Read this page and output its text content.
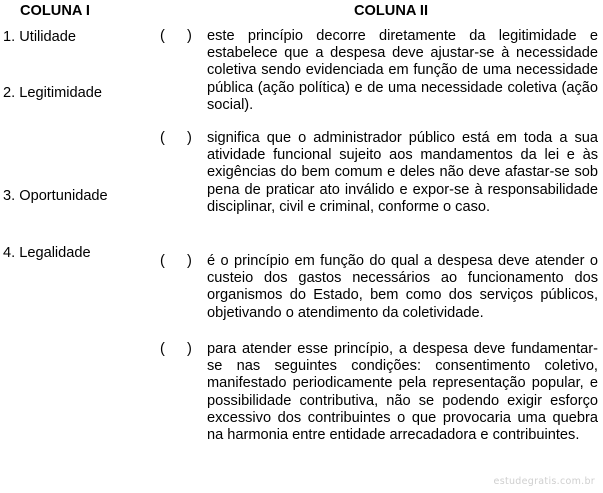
COLUNA I	COLUNA II
1. Utilidade
2. Legitimidade
3. Oportunidade
4. Legalidade
( ) este princípio decorre diretamente da legitimidade e estabelece que a despesa deve ajustar-se à necessidade coletiva sendo evidenciada em função de uma necessidade pública (ação política) e de uma necessidade coletiva (ação social).

( ) significa que o administrador público está em toda a sua atividade funcional sujeito aos mandamentos da lei e às exigências do bem comum e deles não deve afastar-se sob pena de praticar ato inválido e expor-se à responsabilidade disciplinar, civil e criminal, conforme o caso.

( ) é o princípio em função do qual a despesa deve atender o custeio dos gastos necessários ao funcionamento dos organismos do Estado, bem como dos serviços públicos, objetivando o atendimento da coletividade.

( ) para atender esse princípio, a despesa deve fundamentar-se nas seguintes condições: consentimento coletivo, manifestado periodicamente pela representação popular, e possibilidade contributiva, não se podendo exigir esforço excessivo dos contribuintes o que provocaria uma quebra na harmonia entre entidade arrecadadora e contribuintes.

estudegratis.com.br
